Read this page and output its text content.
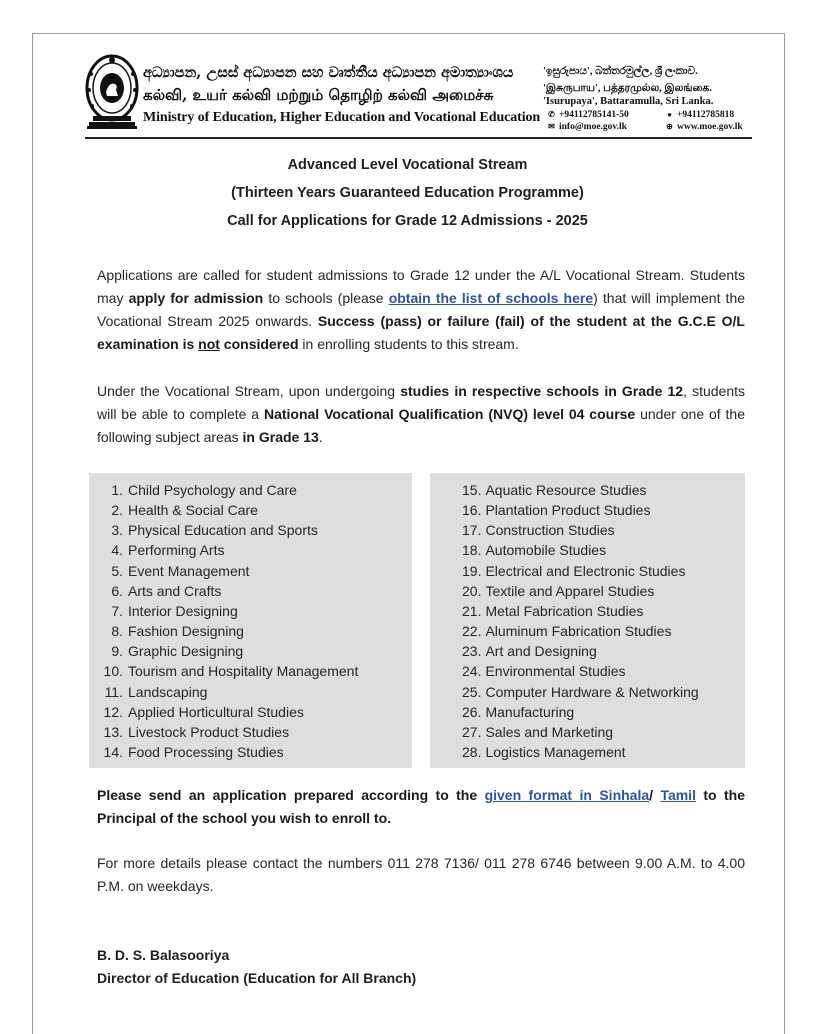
අධ්‍යාපන, උසස් අධ්‍යාපන සහ වෘත්තීය අධ්‍යාපන අමාත්‍යාංශය
கல்வி, உயர் கல்வி மற்றும் தொழிற் கல்வி அமைச்சு
Ministry of Education, Higher Education and Vocational Education
'ඉසුරුපාය', බත්තරමුල්ල, ශ්‍රී ලංකාව.
'இசுருபாய', பத்தரமுல்ல, இலங்கை.
'Isurupaya', Battaramulla, Sri Lanka.
✆ +94112785141-50
✉ info@moe.gov.lk
● +94112785818
⊕ www.moe.gov.lk
Advanced Level Vocational Stream
(Thirteen Years Guaranteed Education Programme)
Call for Applications for Grade 12 Admissions - 2025
Applications are called for student admissions to Grade 12 under the A/L Vocational Stream. Students may apply for admission to schools (please obtain the list of schools here) that will implement the Vocational Stream 2025 onwards. Success (pass) or failure (fail) of the student at the G.C.E O/L examination is not considered in enrolling students to this stream.
Under the Vocational Stream, upon undergoing studies in respective schools in Grade 12, students will be able to complete a National Vocational Qualification (NVQ) level 04 course under one of the following subject areas in Grade 13.
1. Child Psychology and Care
2. Health & Social Care
3. Physical Education and Sports
4. Performing Arts
5. Event Management
6. Arts and Crafts
7. Interior Designing
8. Fashion Designing
9. Graphic Designing
10. Tourism and Hospitality Management
11. Landscaping
12. Applied Horticultural Studies
13. Livestock Product Studies
14. Food Processing Studies
15. Aquatic Resource Studies
16. Plantation Product Studies
17. Construction Studies
18. Automobile Studies
19. Electrical and Electronic Studies
20. Textile and Apparel Studies
21. Metal Fabrication Studies
22. Aluminum Fabrication Studies
23. Art and Designing
24. Environmental Studies
25. Computer Hardware & Networking
26. Manufacturing
27. Sales and Marketing
28. Logistics Management
Please send an application prepared according to the given format in Sinhala/ Tamil to the Principal of the school you wish to enroll to.
For more details please contact the numbers 011 278 7136/ 011 278 6746 between 9.00 A.M. to 4.00 P.M. on weekdays.
B. D. S. Balasooriya
Director of Education (Education for All Branch)
